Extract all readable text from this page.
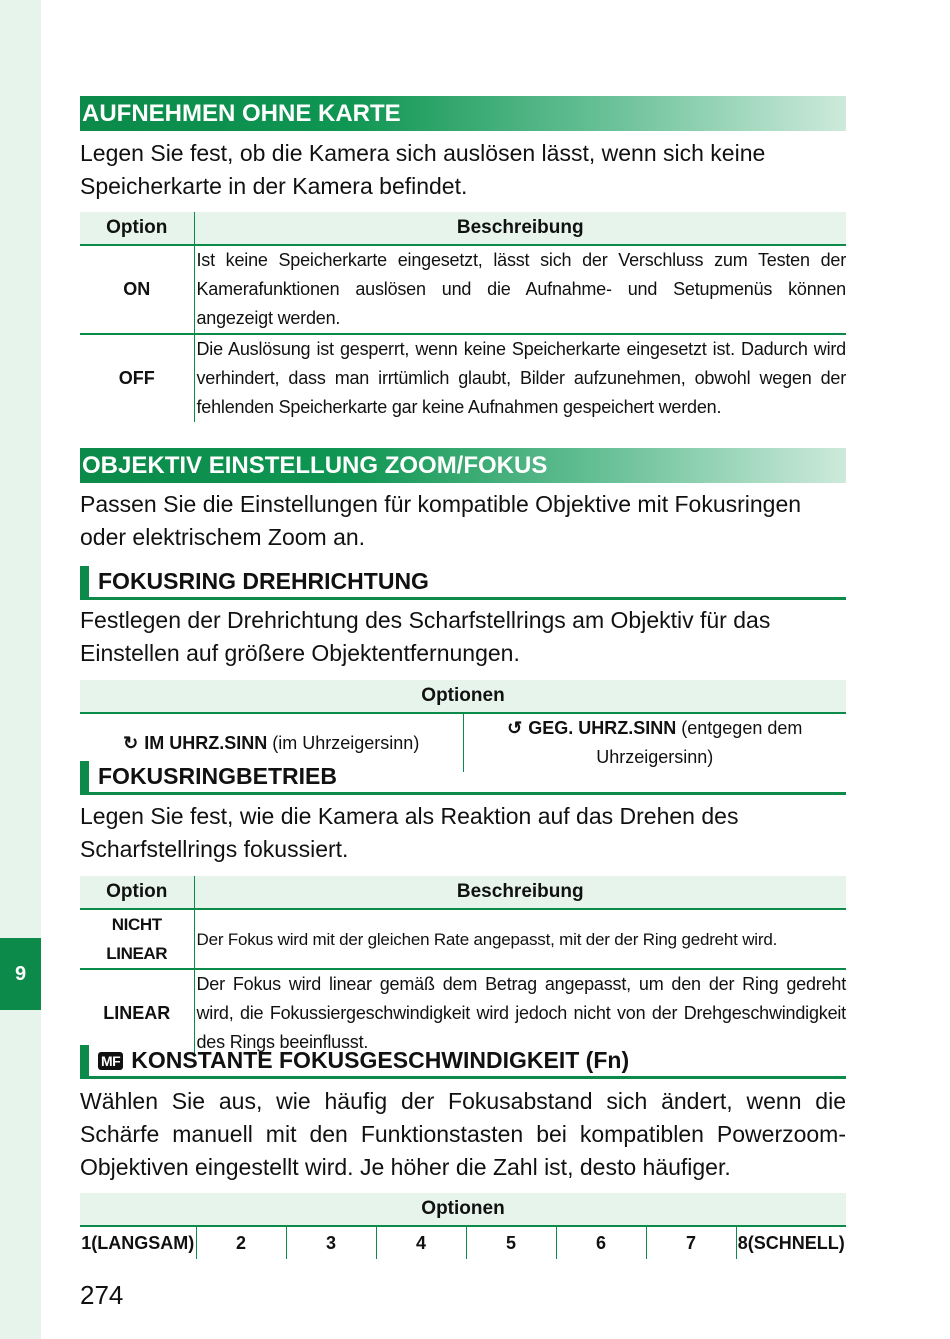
9
AUFNEHMEN OHNE KARTE

Legen Sie fest, ob die Kamera sich auslösen lässt, wenn sich keine Speicherkarte in der Kamera befindet.

Option	Beschreibung
ON	Ist keine Speicherkarte eingesetzt, lässt sich der Verschluss zum Testen der Kamerafunktionen auslösen und die Aufnahme- und Setupmenüs können angezeigt werden.
OFF	Die Auslösung ist gesperrt, wenn keine Speicherkarte eingesetzt ist. Dadurch wird verhindert, dass man irrtümlich glaubt, Bilder aufzunehmen, obwohl wegen der fehlenden Speicherkarte gar keine Aufnahmen gespeichert werden.
OBJEKTIV EINSTELLUNG ZOOM/FOKUS

Passen Sie die Einstellungen für kompatible Objektive mit Fokusringen oder elektrischem Zoom an.

FOKUSRING DREHRICHTUNG

Festlegen der Drehrichtung des Scharfstellrings am Objektiv für das Einstellen auf größere Objektentfernungen.

Optionen
↻ IM UHRZ.SINN (im Uhrzeigersinn)	↺ GEG. UHRZ.SINN (entgegen dem Uhrzeigersinn)
FOKUSRINGBETRIEB

Legen Sie fest, wie die Kamera als Reaktion auf das Drehen des Scharfstellrings fokussiert.

Option	Beschreibung
NICHT LINEAR	Der Fokus wird mit der gleichen Rate angepasst, mit der der Ring gedreht wird.
LINEAR	Der Fokus wird linear gemäß dem Betrag angepasst, um den der Ring gedreht wird, die Fokussiergeschwindigkeit wird jedoch nicht von der Drehgeschwindigkeit des Rings beeinflusst.
MF KONSTANTE FOKUSGESCHWINDIGKEIT (Fn)

Wählen Sie aus, wie häufig der Fokusabstand sich ändert, wenn die Schärfe manuell mit den Funktionstasten bei kompatiblen Powerzoom-Objektiven eingestellt wird. Je höher die Zahl ist, desto häufiger.

Optionen
1(LANGSAM)	2	3	4	5	6	7	8(SCHNELL)
274
